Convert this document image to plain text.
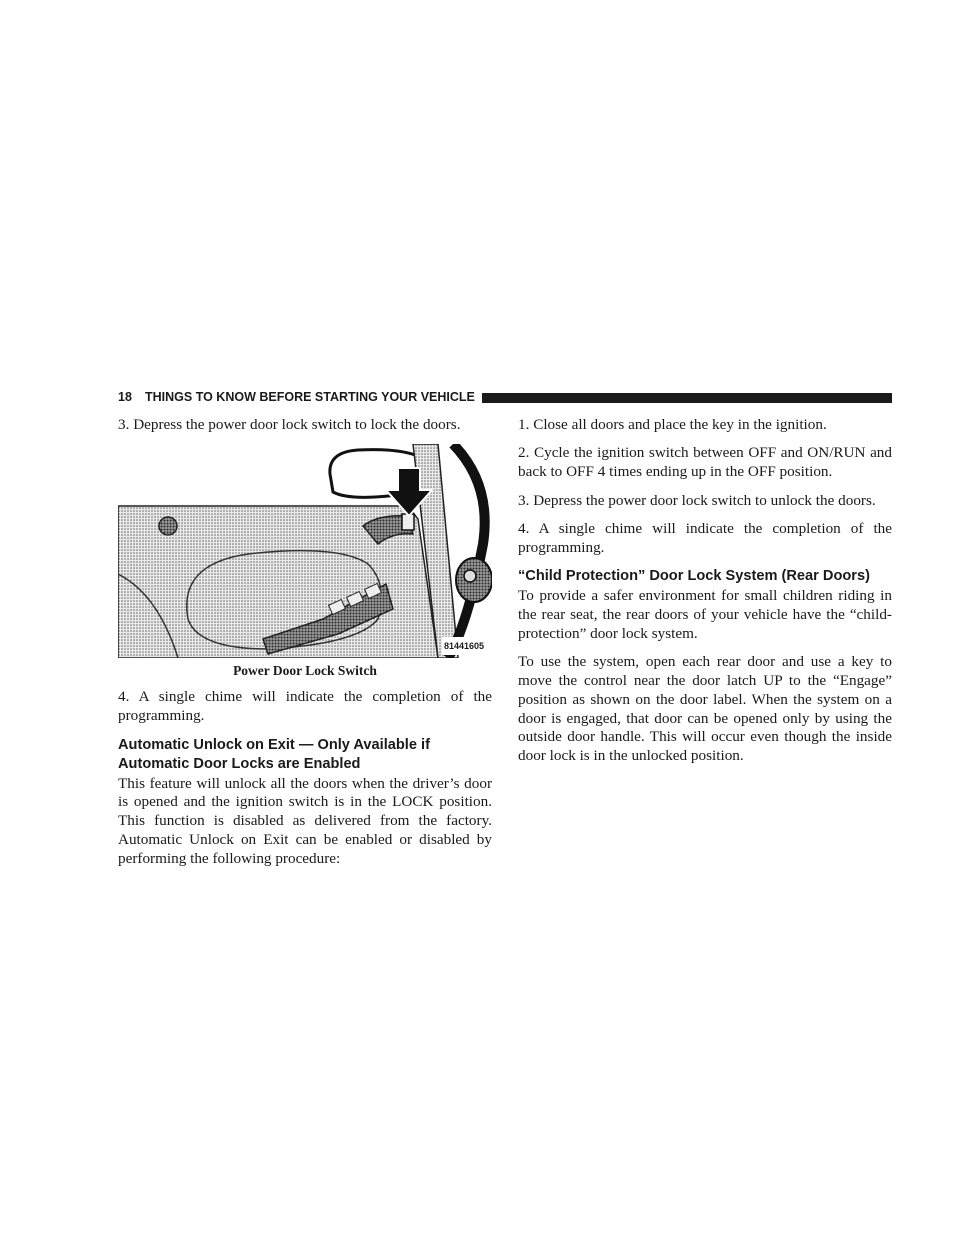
18 THINGS TO KNOW BEFORE STARTING YOUR VEHICLE

3. Depress the power door lock switch to lock the doors.

81441605
Power Door Lock Switch

4. A single chime will indicate the completion of the programming.

Automatic Unlock on Exit — Only Available if Automatic Door Locks are Enabled

This feature will unlock all the doors when the driver’s door is opened and the ignition switch is in the LOCK position. This function is disabled as delivered from the factory. Automatic Unlock on Exit can be enabled or disabled by performing the following procedure:

1. Close all doors and place the key in the ignition.

2. Cycle the ignition switch between OFF and ON/RUN and back to OFF 4 times ending up in the OFF position.

3. Depress the power door lock switch to unlock the doors.

4. A single chime will indicate the completion of the programming.

“Child Protection” Door Lock System (Rear Doors)

To provide a safer environment for small children riding in the rear seat, the rear doors of your vehicle have the “child-protection” door lock system.

To use the system, open each rear door and use a key to move the control near the door latch UP to the “Engage” position as shown on the door label. When the system on a door is engaged, that door can be opened only by using the outside door handle. This will occur even though the inside door lock is in the unlocked position.
